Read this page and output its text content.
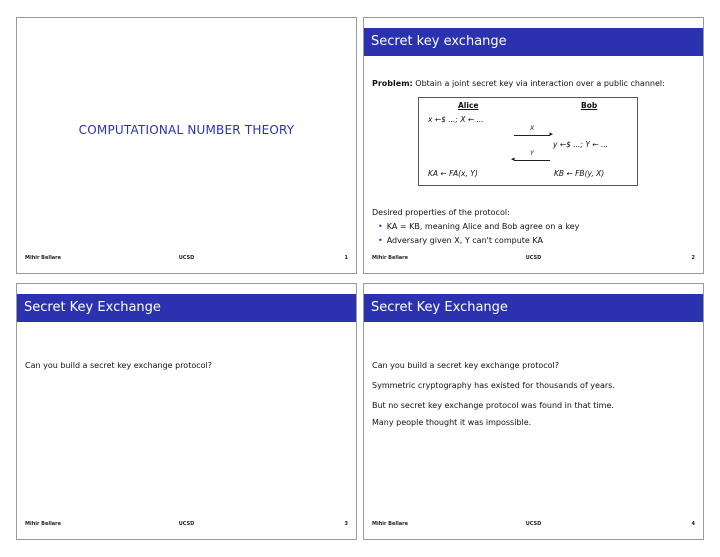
COMPUTATIONAL NUMBER THEORY
Mihir Bellare	UCSD	1
Secret key exchange
Problem: Obtain a joint secret key via interaction over a public channel:
Alice	Bob
x ←$ ...; X ← ...
X
▸
y ←$ ...; Y ← ...
Y
◂
KA ← FA(x, Y)	KB ← FB(y, X)
Desired properties of the protocol:
• KA = KB, meaning Alice and Bob agree on a key
• Adversary given X, Y can't compute KA
Mihir Bellare	UCSD	2
Secret Key Exchange
Can you build a secret key exchange protocol?
Mihir Bellare	UCSD	3
Secret Key Exchange
Can you build a secret key exchange protocol?
Symmetric cryptography has existed for thousands of years.
But no secret key exchange protocol was found in that time.
Many people thought it was impossible.
Mihir Bellare	UCSD	4
